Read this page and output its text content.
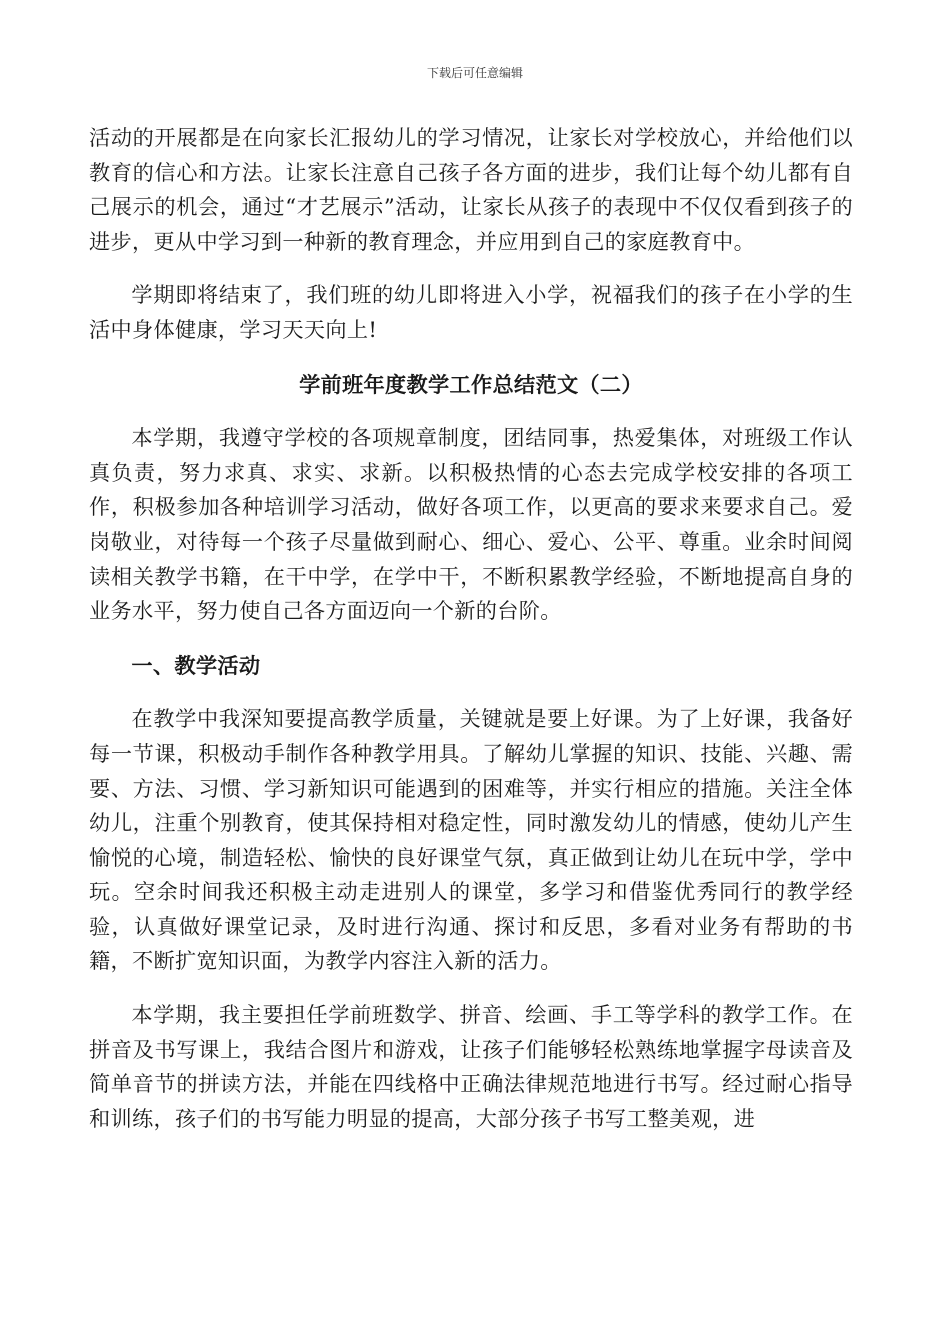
下载后可任意编辑

活动的开展都是在向家长汇报幼儿的学习情况，让家长对学校放心，并给他们以教育的信心和方法。让家长注意自己孩子各方面的进步，我们让每个幼儿都有自己展示的机会，通过“才艺展示”活动，让家长从孩子的表现中不仅仅看到孩子的进步，更从中学习到一种新的教育理念，并应用到自己的家庭教育中。

学期即将结束了，我们班的幼儿即将进入小学，祝福我们的孩子在小学的生活中身体健康，学习天天向上!

学前班年度教学工作总结范文（二）

本学期，我遵守学校的各项规章制度，团结同事，热爱集体，对班级工作认真负责，努力求真、求实、求新。以积极热情的心态去完成学校安排的各项工作，积极参加各种培训学习活动，做好各项工作，以更高的要求来要求自己。爱岗敬业，对待每一个孩子尽量做到耐心、细心、爱心、公平、尊重。业余时间阅读相关教学书籍，在干中学，在学中干，不断积累教学经验，不断地提高自身的业务水平，努力使自己各方面迈向一个新的台阶。

一、教学活动

在教学中我深知要提高教学质量，关键就是要上好课。为了上好课，我备好每一节课，积极动手制作各种教学用具。了解幼儿掌握的知识、技能、兴趣、需要、方法、习惯、学习新知识可能遇到的困难等，并实行相应的措施。关注全体幼儿，注重个别教育，使其保持相对稳定性，同时激发幼儿的情感，使幼儿产生愉悦的心境，制造轻松、愉快的良好课堂气氛，真正做到让幼儿在玩中学，学中玩。空余时间我还积极主动走进别人的课堂，多学习和借鉴优秀同行的教学经验，认真做好课堂记录，及时进行沟通、探讨和反思，多看对业务有帮助的书籍，不断扩宽知识面，为教学内容注入新的活力。

本学期，我主要担任学前班数学、拼音、绘画、手工等学科的教学工作。在拼音及书写课上，我结合图片和游戏，让孩子们能够轻松熟练地掌握字母读音及简单音节的拼读方法，并能在四线格中正确法律规范地进行书写。经过耐心指导和训练，孩子们的书写能力明显的提高，大部分孩子书写工整美观，进
